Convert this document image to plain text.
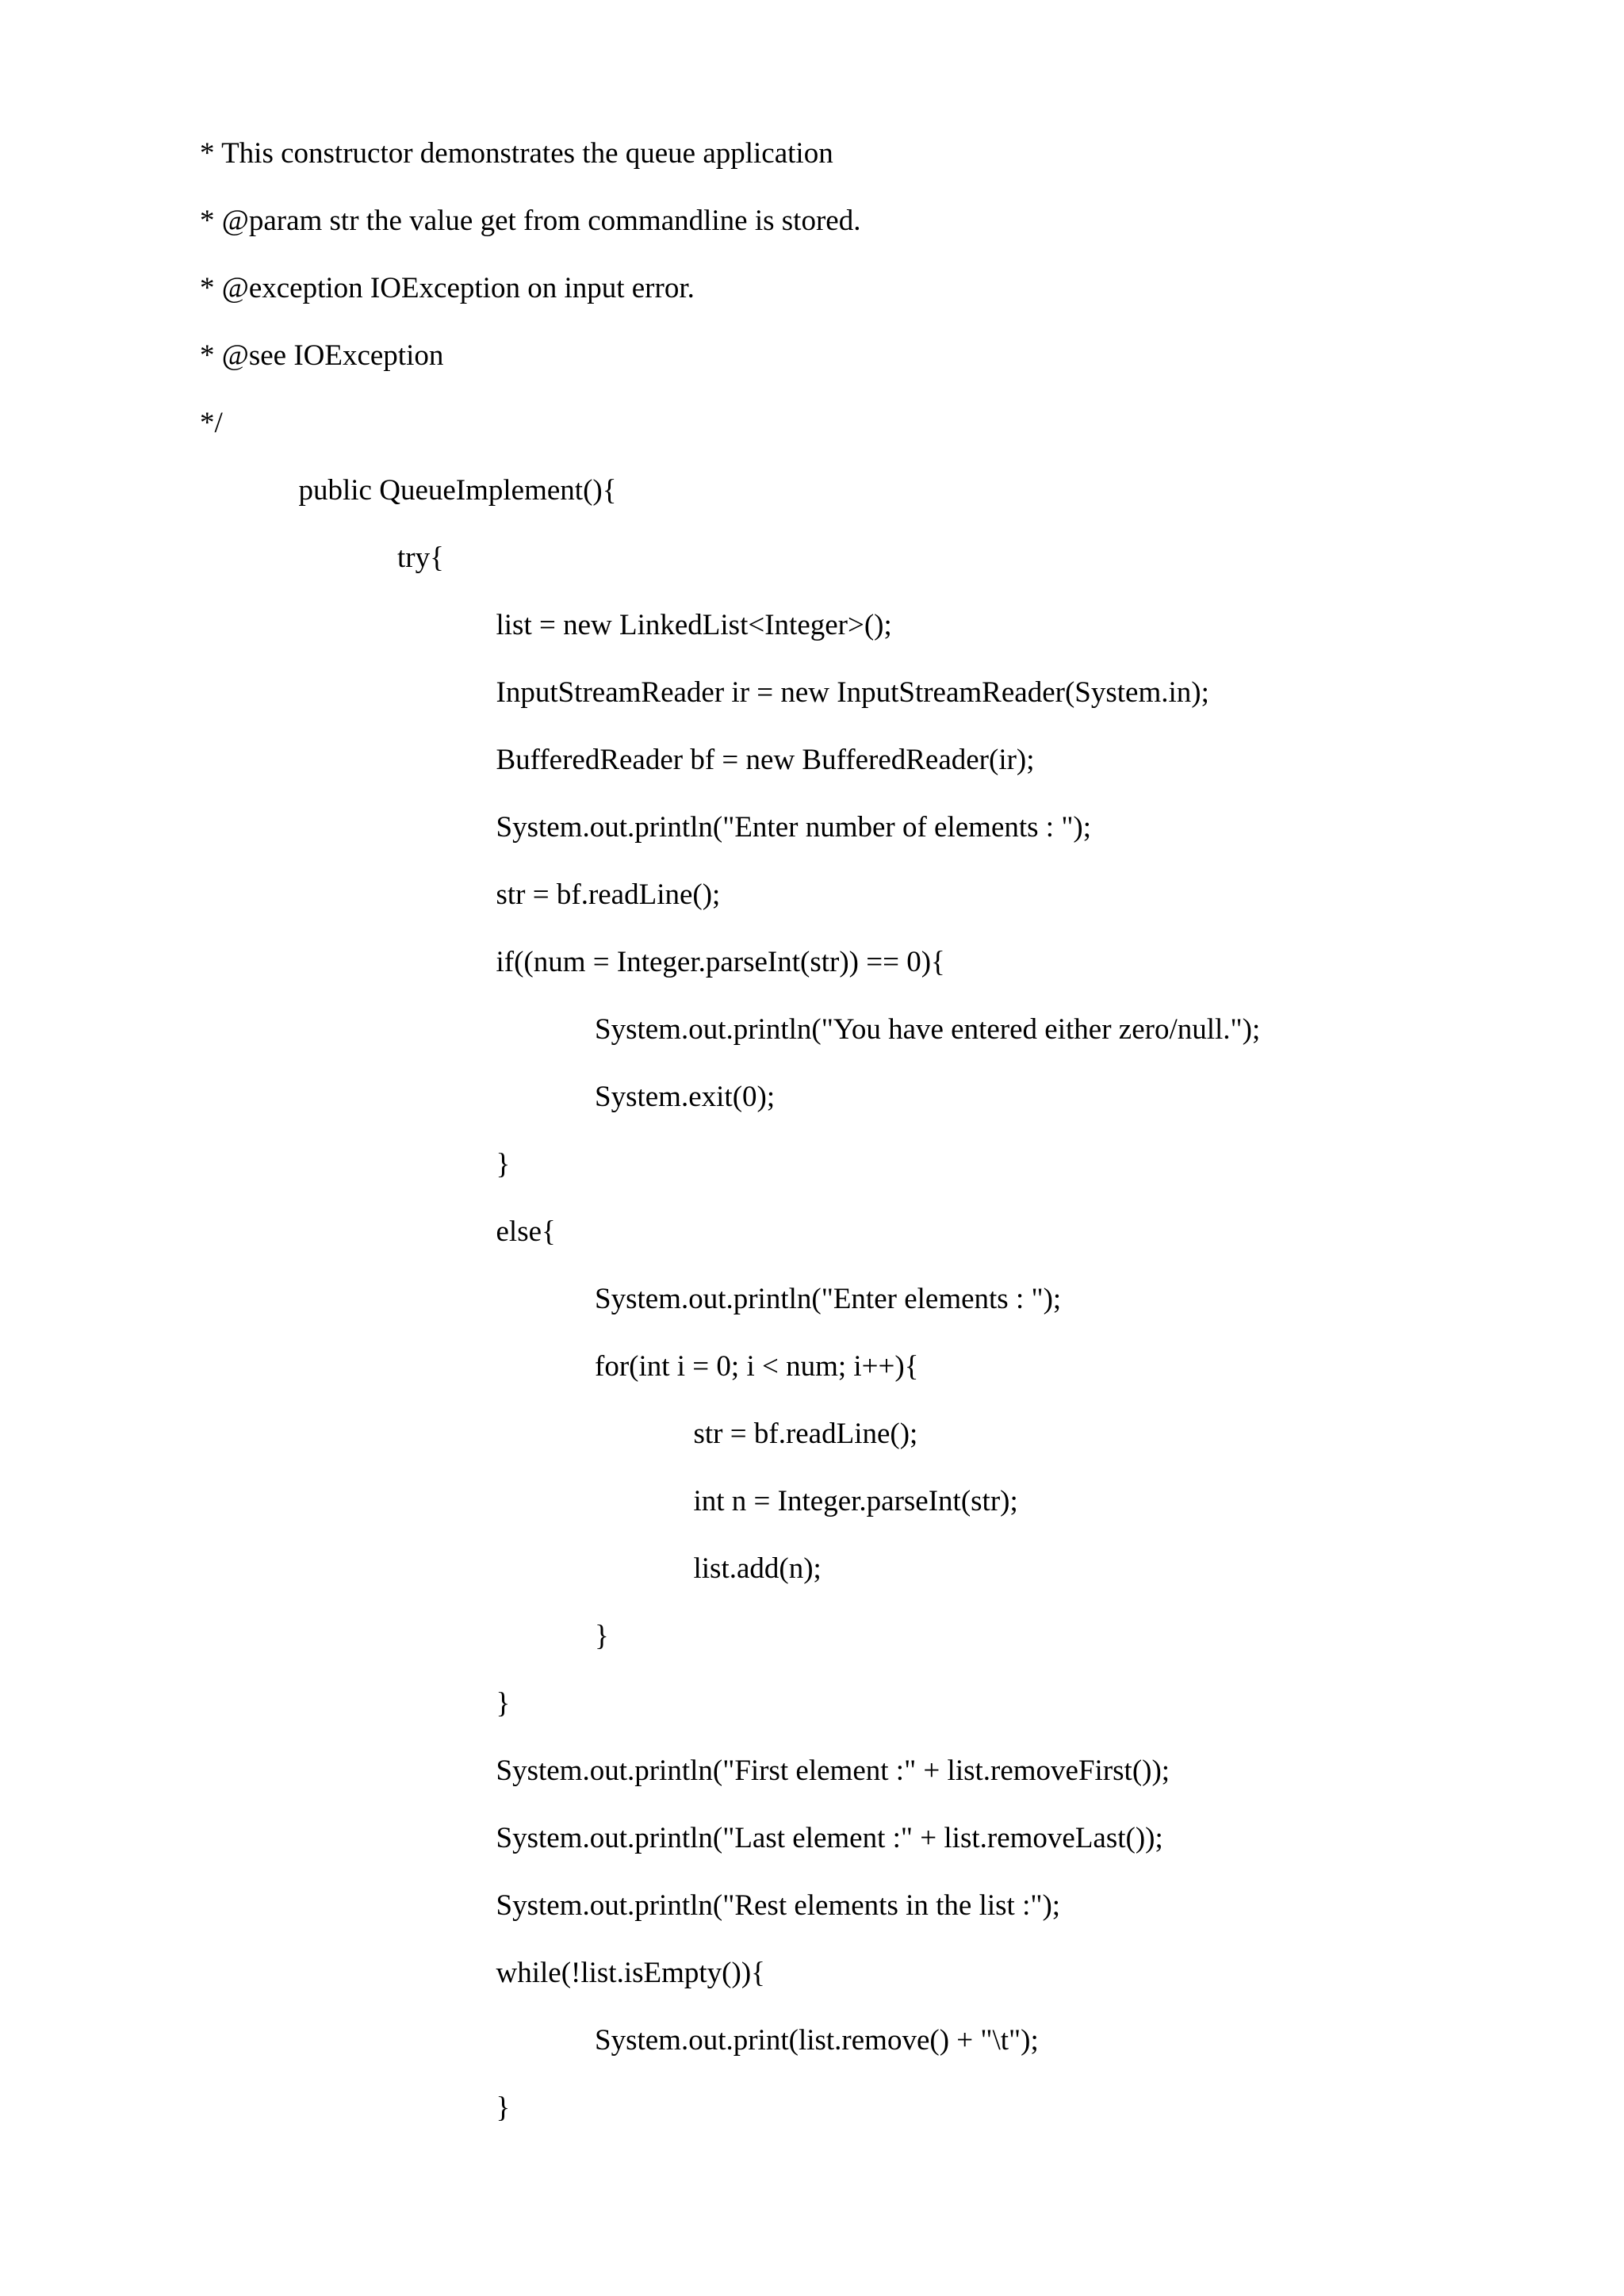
* This constructor demonstrates the queue application

* @param str the value get from commandline is stored.

* @exception IOException on input error.

* @see IOException

*/

public QueueImplement(){

try{

list = new LinkedList<Integer>();

InputStreamReader ir = new InputStreamReader(System.in);

BufferedReader bf = new BufferedReader(ir);

System.out.println("Enter number of elements : ");

str = bf.readLine();

if((num = Integer.parseInt(str)) == 0){

System.out.println("You have entered either zero/null.");

System.exit(0);

}

else{

System.out.println("Enter elements : ");

for(int i = 0; i < num; i++){

str = bf.readLine();

int n = Integer.parseInt(str);

list.add(n);

}

}

System.out.println("First element :" + list.removeFirst());

System.out.println("Last element :" + list.removeLast());

System.out.println("Rest elements in the list :");

while(!list.isEmpty()){

System.out.print(list.remove() + "\t");

}
